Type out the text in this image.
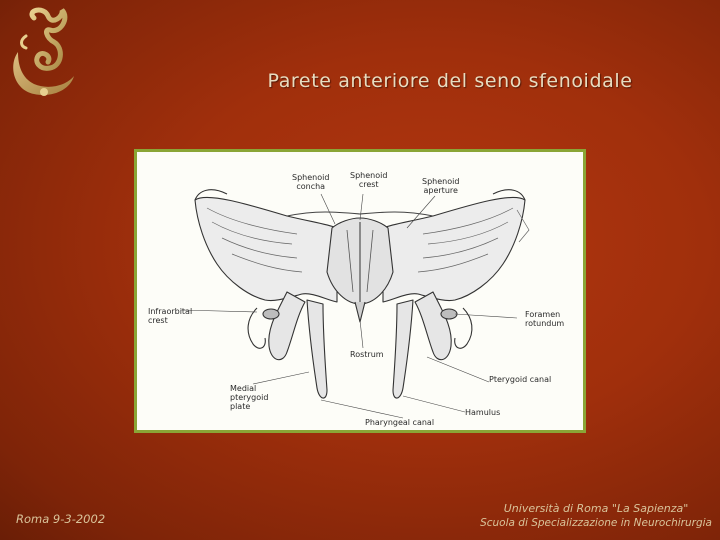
Parete anteriore del seno sfenoidale
Sphenoid
concha
Sphenoid
crest	Sphenoid
aperture
Infraorbital
crest
Foramen
rotundum
Rostrum
Pterygoid canal
Medial
pterygoid
plate
Hamulus
Pharyngeal canal
Roma 9-3-2002
Università di Roma "La Sapienza"
Scuola di Specializzazione in Neurochirurgia
